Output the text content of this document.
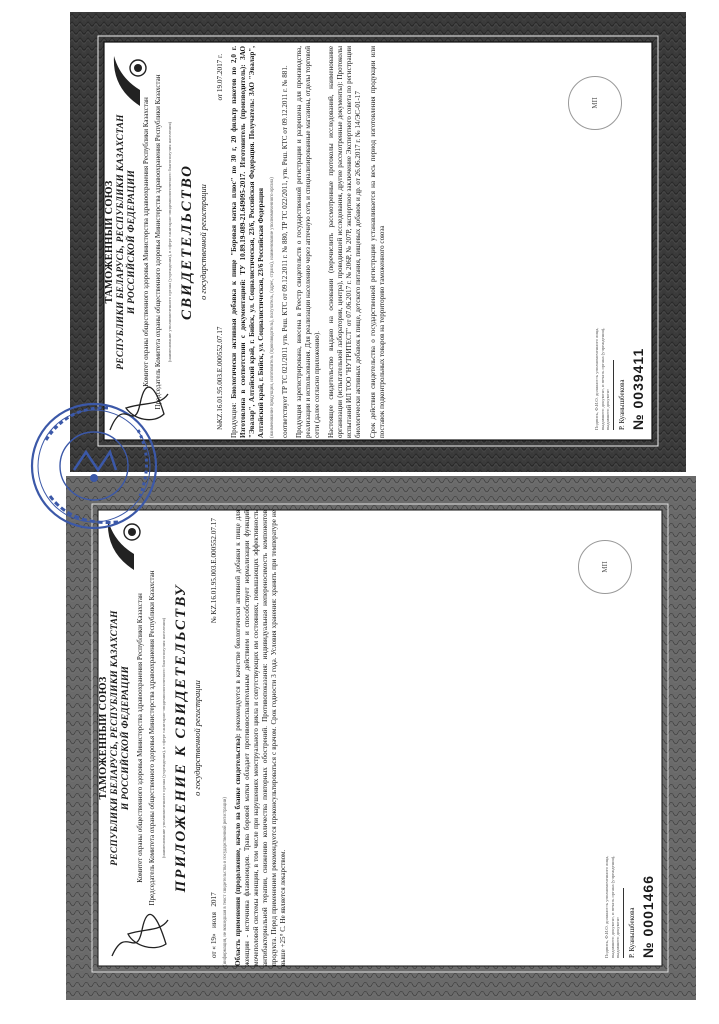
ТАМОЖЕННЫЙ СОЮЗ РЕСПУБЛИКИ БЕЛАРУСЬ, РЕСПУБЛИКИ КАЗАХСТАН И РОССИЙСКОЙ ФЕДЕРАЦИИ Комитет охраны общественного здоровья Министерства здравоохранения Республики Казахстан Председатель Комитета охраны общественного здоровья Министерства здравоохранения Республики Казахстан (наименование уполномоченного органа (учреждения), в сфере санитарно-эпидемиологического благополучия населения) СВИДЕТЕЛЬСТВО о государственной регистрации
№KZ.16.01.95.003.Е.000552.07.17
от 19.07.2017 г.
Продукция: Биологически активная добавка к пище "Боровая матка плюс" по 30 г, 20 фильтр пакетов по 2,0 г. Изготовлена в соответствии с документацией: ТУ 10.89.19-089-21.649095-2017. Изготовитель (производитель): ЗАО "Эвалар", Алтайский край, г. Бийск, ул. Социалистическая, 23/6, Российская Федерация. Получатель: ЗАО "Эвалар", Алтайский край, г. Бийск, ул. Социалистическая, 23/6 Российская Федерация (наименование продукции, изготовитель (производитель), получатель, (адрес, страна), наименование уполномоченного органа) соответствует ТР ТС 021/2011 утв. Реш. КТС от 09.12.2011 г. № 880, ТР ТС 022/2011, утв. Реш. КТС от 09.12.2011 г. № 881. Продукция зарегистрирована, внесена в Реестр свидетельств о государственной регистрации и разрешена для производства, реализации и использования. Для реализации населению через аптечную сеть и специализированные магазины, отделы торговой сети (далее согласно приложению). Настоящее свидетельство выдано на основании (перечислить рассмотренные протоколы исследований, наименование организации (испытательной лаборатории, центра), проводившей исследования, другие рассмотренные документы): Протоколы испытаний ИЛ ТОО "НУТРИТЕСТ" от 07.06.2017 г. № 206Р, № 207Р, экспертное заключение Экспертного совета по регистрации биологически активных добавок к пище, детского питания, пищевых добавок и др. от 26.06.2017 г. № 14/ЭС-01-17 Срок действия свидетельства о государственной регистрации устанавливается на весь период изготовления продукции или поставок подконтрольных товаров на территорию таможенного союза	Подпись, Ф.И.О. должность уполномоченного лица, выдавшего документ, и печать органа (учреждения), выдавшего документ Р. Куанышбекова
МП
№ 0039411
ТАМОЖЕННЫЙ СОЮЗ РЕСПУБЛИКИ БЕЛАРУСЬ, РЕСПУБЛИКИ КАЗАХСТАН И РОССИЙСКОЙ ФЕДЕРАЦИИ Комитет охраны общественного здоровья Министерства здравоохранения Республики Казахстан Председатель Комитета охраны общественного здоровья Министерства здравоохранения Республики Казахстан (наименование уполномоченного органа (учреждения), в сфере санитарно-эпидемиологического благополучия населения) ПРИЛОЖЕНИЕ К СВИДЕТЕЛЬСТВУ о государственной регистрации
от « 19»   июля   2017
№ KZ.16.01.95.003.Е.000552.07.17
(информация, не вошедшая в текст свидетельства о государственной регистрации) Область применения (продолжение, начало на бланке свидетельства): рекомендуется в качестве биологически активной добавки к пище для женщин - источника флавоноидов. Трава боровой матки обладает противовоспалительным действием и способствует нормализации функций мочеполовой системы женщин, в том числе при нарушениях менструального цикла и сопутствующих им состояниях, повышающих эффективность антибактериальной терапии, снижению количества повторных обострений. Противопоказания: индивидуальная непереносимость компонентов продукта. Перед применением рекомендуется проконсультироваться с врачом. Срок годности 3 года. Условия хранения: хранить при температуре не выше +25° С. Не является лекарством.	Подпись, Ф.И.О. должность уполномоченного лица, выдавшего документ, и печать органа (учреждения), выдавшего документ Р. Куанышбекова
МП
№ 0001466
